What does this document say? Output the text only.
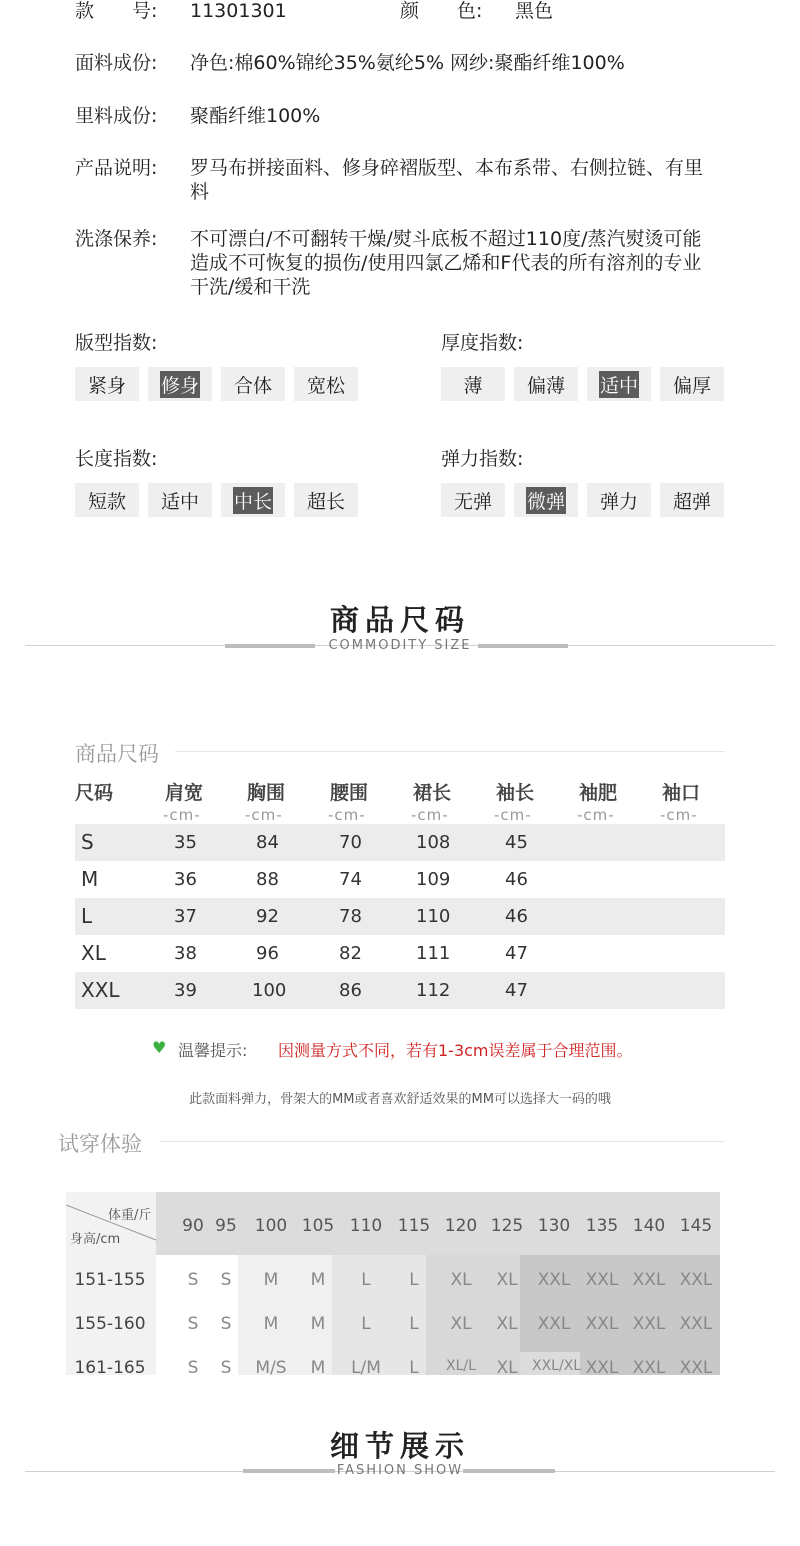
款　　号: 11301301	颜　　色: 黑色
面料成份: 净色:棉60%锦纶35%氨纶5% 网纱:聚酯纤维100%
里料成份: 聚酯纤维100%
产品说明: 罗马布拼接面料、修身碎褶版型、本布系带、右侧拉链、有里料
洗涤保养: 不可漂白/不可翻转干燥/熨斗底板不超过110度/蒸汽熨烫可能造成不可恢复的损伤/使用四氯乙烯和F代表的所有溶剂的专业干洗/缓和干洗
版型指数:
紧身 修身 合体 宽松
厚度指数:
薄 偏薄 适中 偏厚
长度指数:
短款 适中 中长 超长
弹力指数:
无弹 微弹 弹力 超弹
商品尺码
COMMODITY SIZE
商品尺码
尺码	肩宽 胸围 腰围 裙长 袖长 袖肥 袖口
-cm-	-cm-	-cm-	-cm-	-cm-	-cm-	-cm-
S	35	84	70	108	45
M	36	88	74	109	46
L	37	92	78	110	46
XL	38	96	82	111	47
XXL	39	100	86	112	47
♥ 温馨提示: 因测量方式不同，若有1-3cm误差属于合理范围。
此款面料弹力，骨架大的MM或者喜欢舒适效果的MM可以选择大一码的哦
试穿体验
体重/斤
身高/cm
90 95	100 105 110 115 120 125 130 135 140 145
151-155	S	S	M	M	L	L	XL	XL	XXL XXL XXL XXL
155-160	S	S	M	M	L	L	XL	XL	XXL XXL XXL XXL
161-165	S	S	M/S	M	L/M	L	XL/L	XL	XXL/XL XXL XXL XXL
细节展示
FASHION SHOW
